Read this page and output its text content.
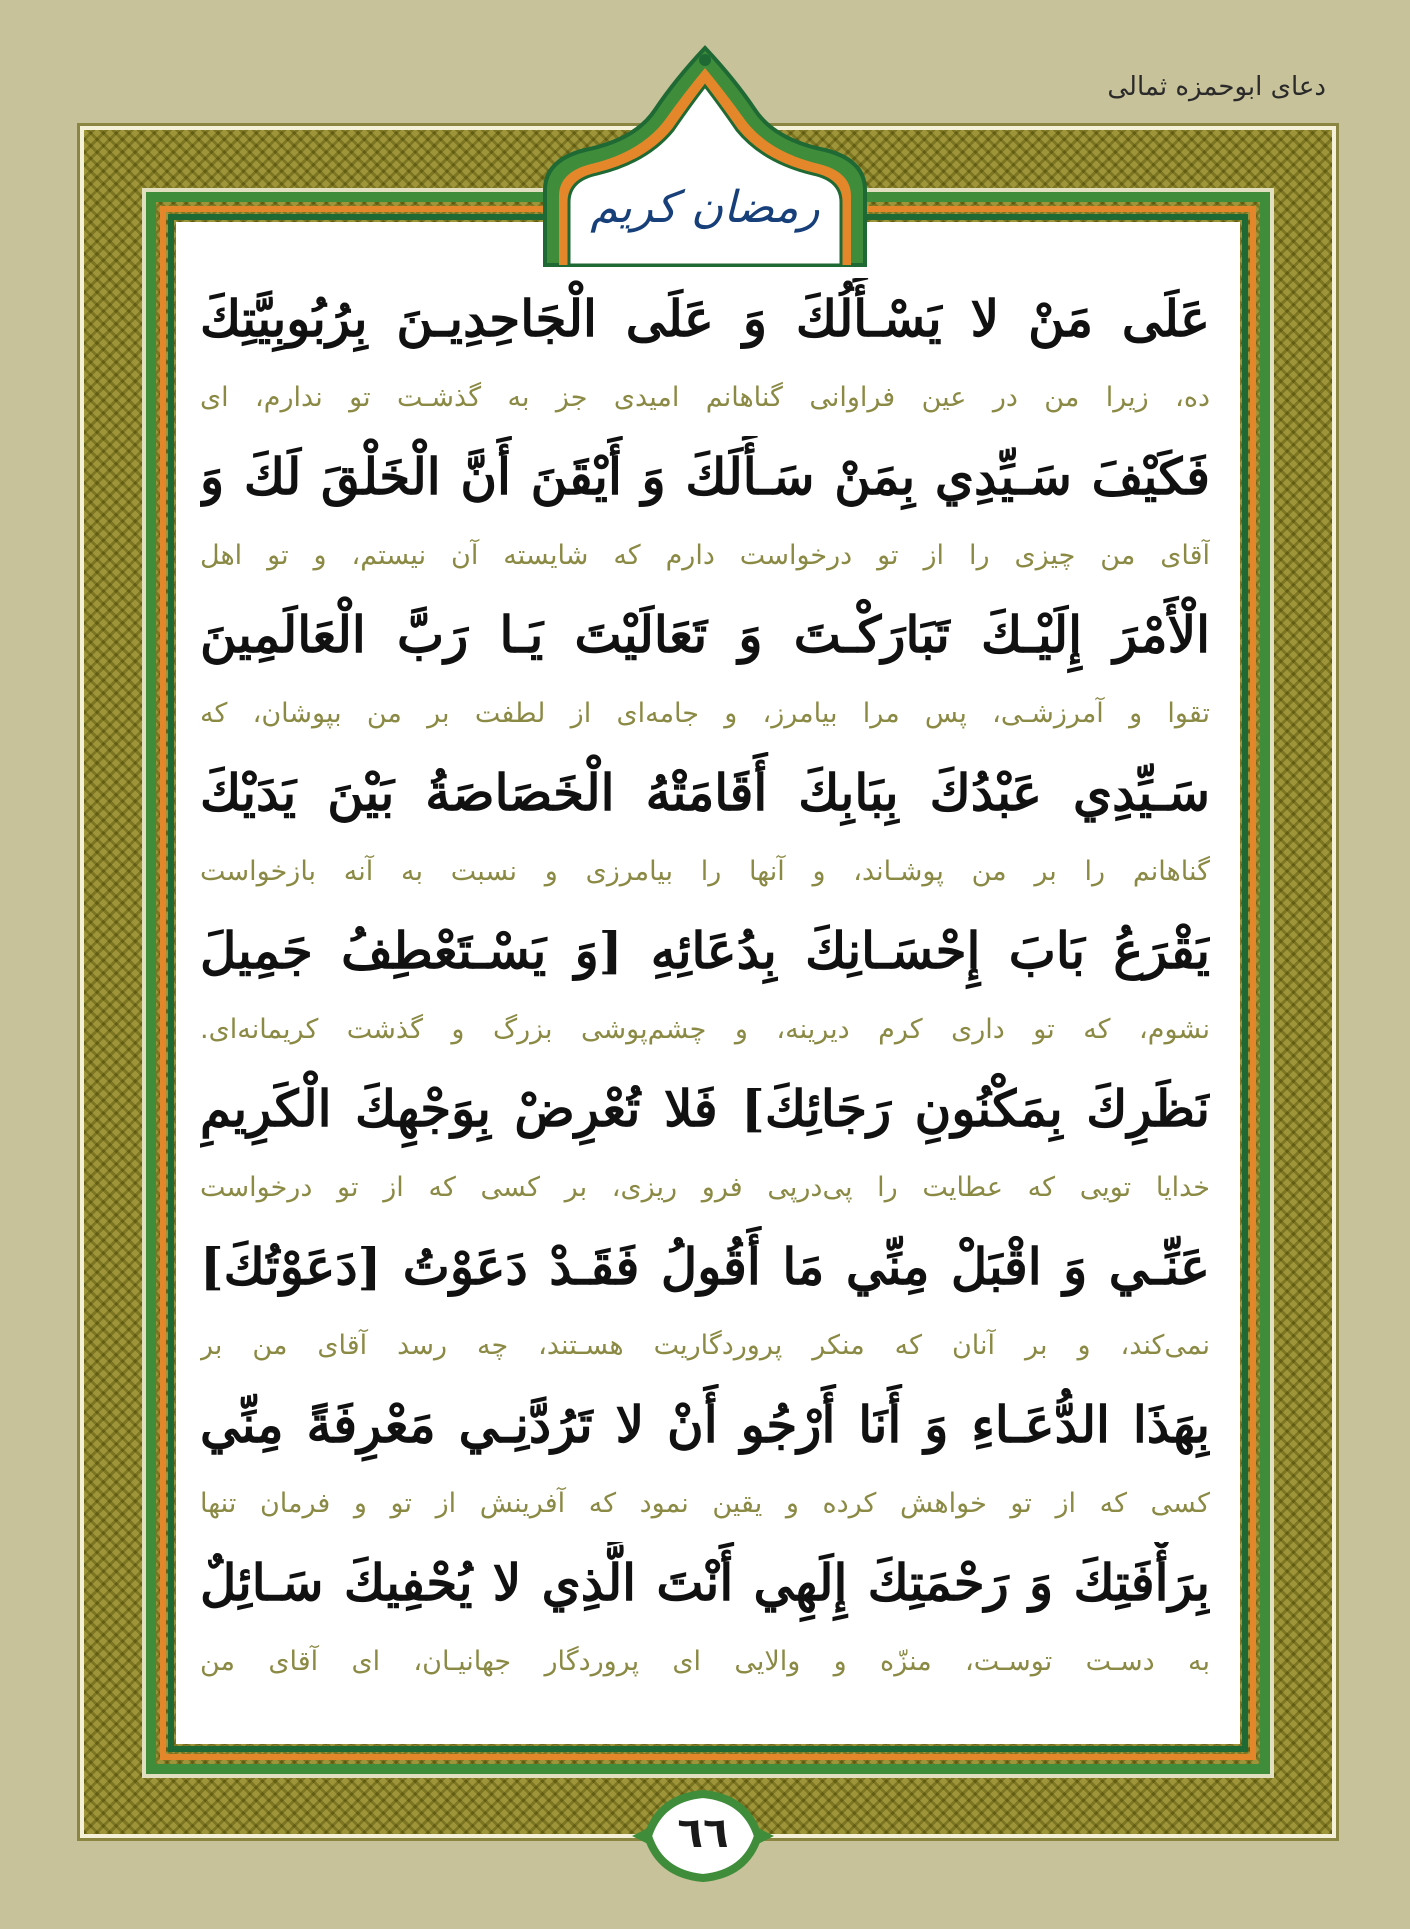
دعای ابوحمزه ثمالی
رمضان کریم
عَلَى مَنْ لا يَسْـأَلُكَ وَ عَلَى الْجَاحِدِيـنَ بِرُبُوبِيَّتِكَ
ده، زیرا من در عین فراوانی گناهانم امیدی جز به گذشـت تو ندارم، ای
فَكَيْفَ سَـيِّدِي بِمَنْ سَـأَلَكَ وَ أَيْقَنَ أَنَّ الْخَلْقَ لَكَ وَ
آقای من چیزی را از تو درخواست دارم که شایسته آن نیستم، و تو اهل
الْأَمْرَ إِلَيْـكَ تَبَارَكْـتَ وَ تَعَالَيْتَ يَـا رَبَّ الْعَالَمِينَ
تقوا و آمرزشـی، پس مرا بیامرز، و جامه‌ای از لطفت بر من بپوشان، که
سَـيِّدِي عَبْدُكَ بِبَابِكَ أَقَامَتْهُ الْخَصَاصَةُ بَيْنَ يَدَيْكَ
گناهانم را بر من پوشـاند، و آنها را بیامرزی و نسبت به آنه بازخواست
يَقْرَعُ بَابَ إِحْسَـانِكَ بِدُعَائِهِ [وَ يَسْـتَعْطِفُ جَمِيلَ
نشوم، که تو داری کرم دیرینه، و چشم‌پوشی بزرگ و گذشت کریمانه‌ای.
نَظَرِكَ بِمَكْنُونِ رَجَائِكَ] فَلا تُعْرِضْ بِوَجْهِكَ الْكَرِيمِ
خدایا تویی که عطایت را پی‌درپی فرو ریزی، بر کسی که از تو درخواست
عَنِّـي وَ اقْبَلْ مِنِّي مَا أَقُولُ فَقَـدْ دَعَوْتُ [دَعَوْتُكَ]
نمی‌کند، و بر آنان که منکر پروردگاریت هسـتند، چه رسد آقای من بر
بِهَذَا الدُّعَـاءِ وَ أَنَا أَرْجُو أَنْ لا تَرُدَّنِـي مَعْرِفَةً مِنِّي
کسی که از تو خواهش کرده و یقین نمود که آفرینش از تو و فرمان تنها
بِرَأْفَتِكَ وَ رَحْمَتِكَ إِلَهِي أَنْتَ الَّذِي لا يُحْفِيكَ سَـائِلٌ
به دسـت توسـت، منزّه و والایی ای پروردگار جهانیـان، ای آقای من
٦٦
